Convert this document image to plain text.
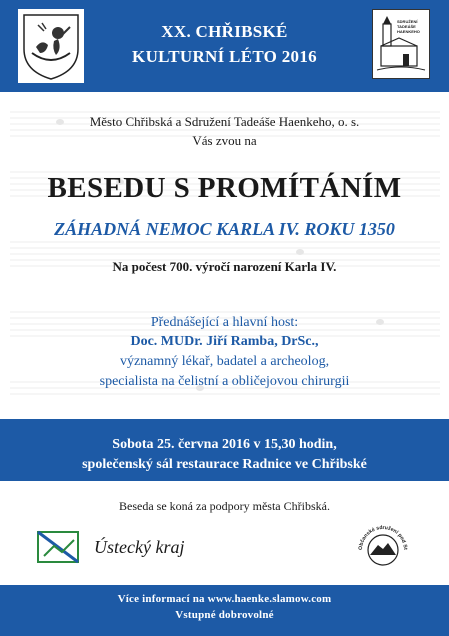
XX. CHŘIBSKÉ
KULTURNÍ LÉTO 2016
SDRUŽENÍ TADEÁŠE HAENKEHO
Město Chřibská a Sdružení Tadeáše Haenkeho, o. s.
Vás zvou na
BESEDU S PROMÍTÁNÍM
ZÁHADNÁ NEMOC KARLA IV. ROKU 1350
Na počest 700. výročí narození Karla IV.
Přednášející a hlavní host:
Doc. MUDr. Jiří Ramba, DrSc.,
významný lékař, badatel a archeolog,
specialista na čelistní a obličejovou chirurgii
Sobota 25. června 2016 v 15,30 hodin,
společenský sál restaurace Radnice ve Chřibské
Beseda se koná za podpory města Chřibská.
Ústecký kraj	Občanské sdružení pod St
Více informací na www.haenke.slamow.com
Vstupné dobrovolné
